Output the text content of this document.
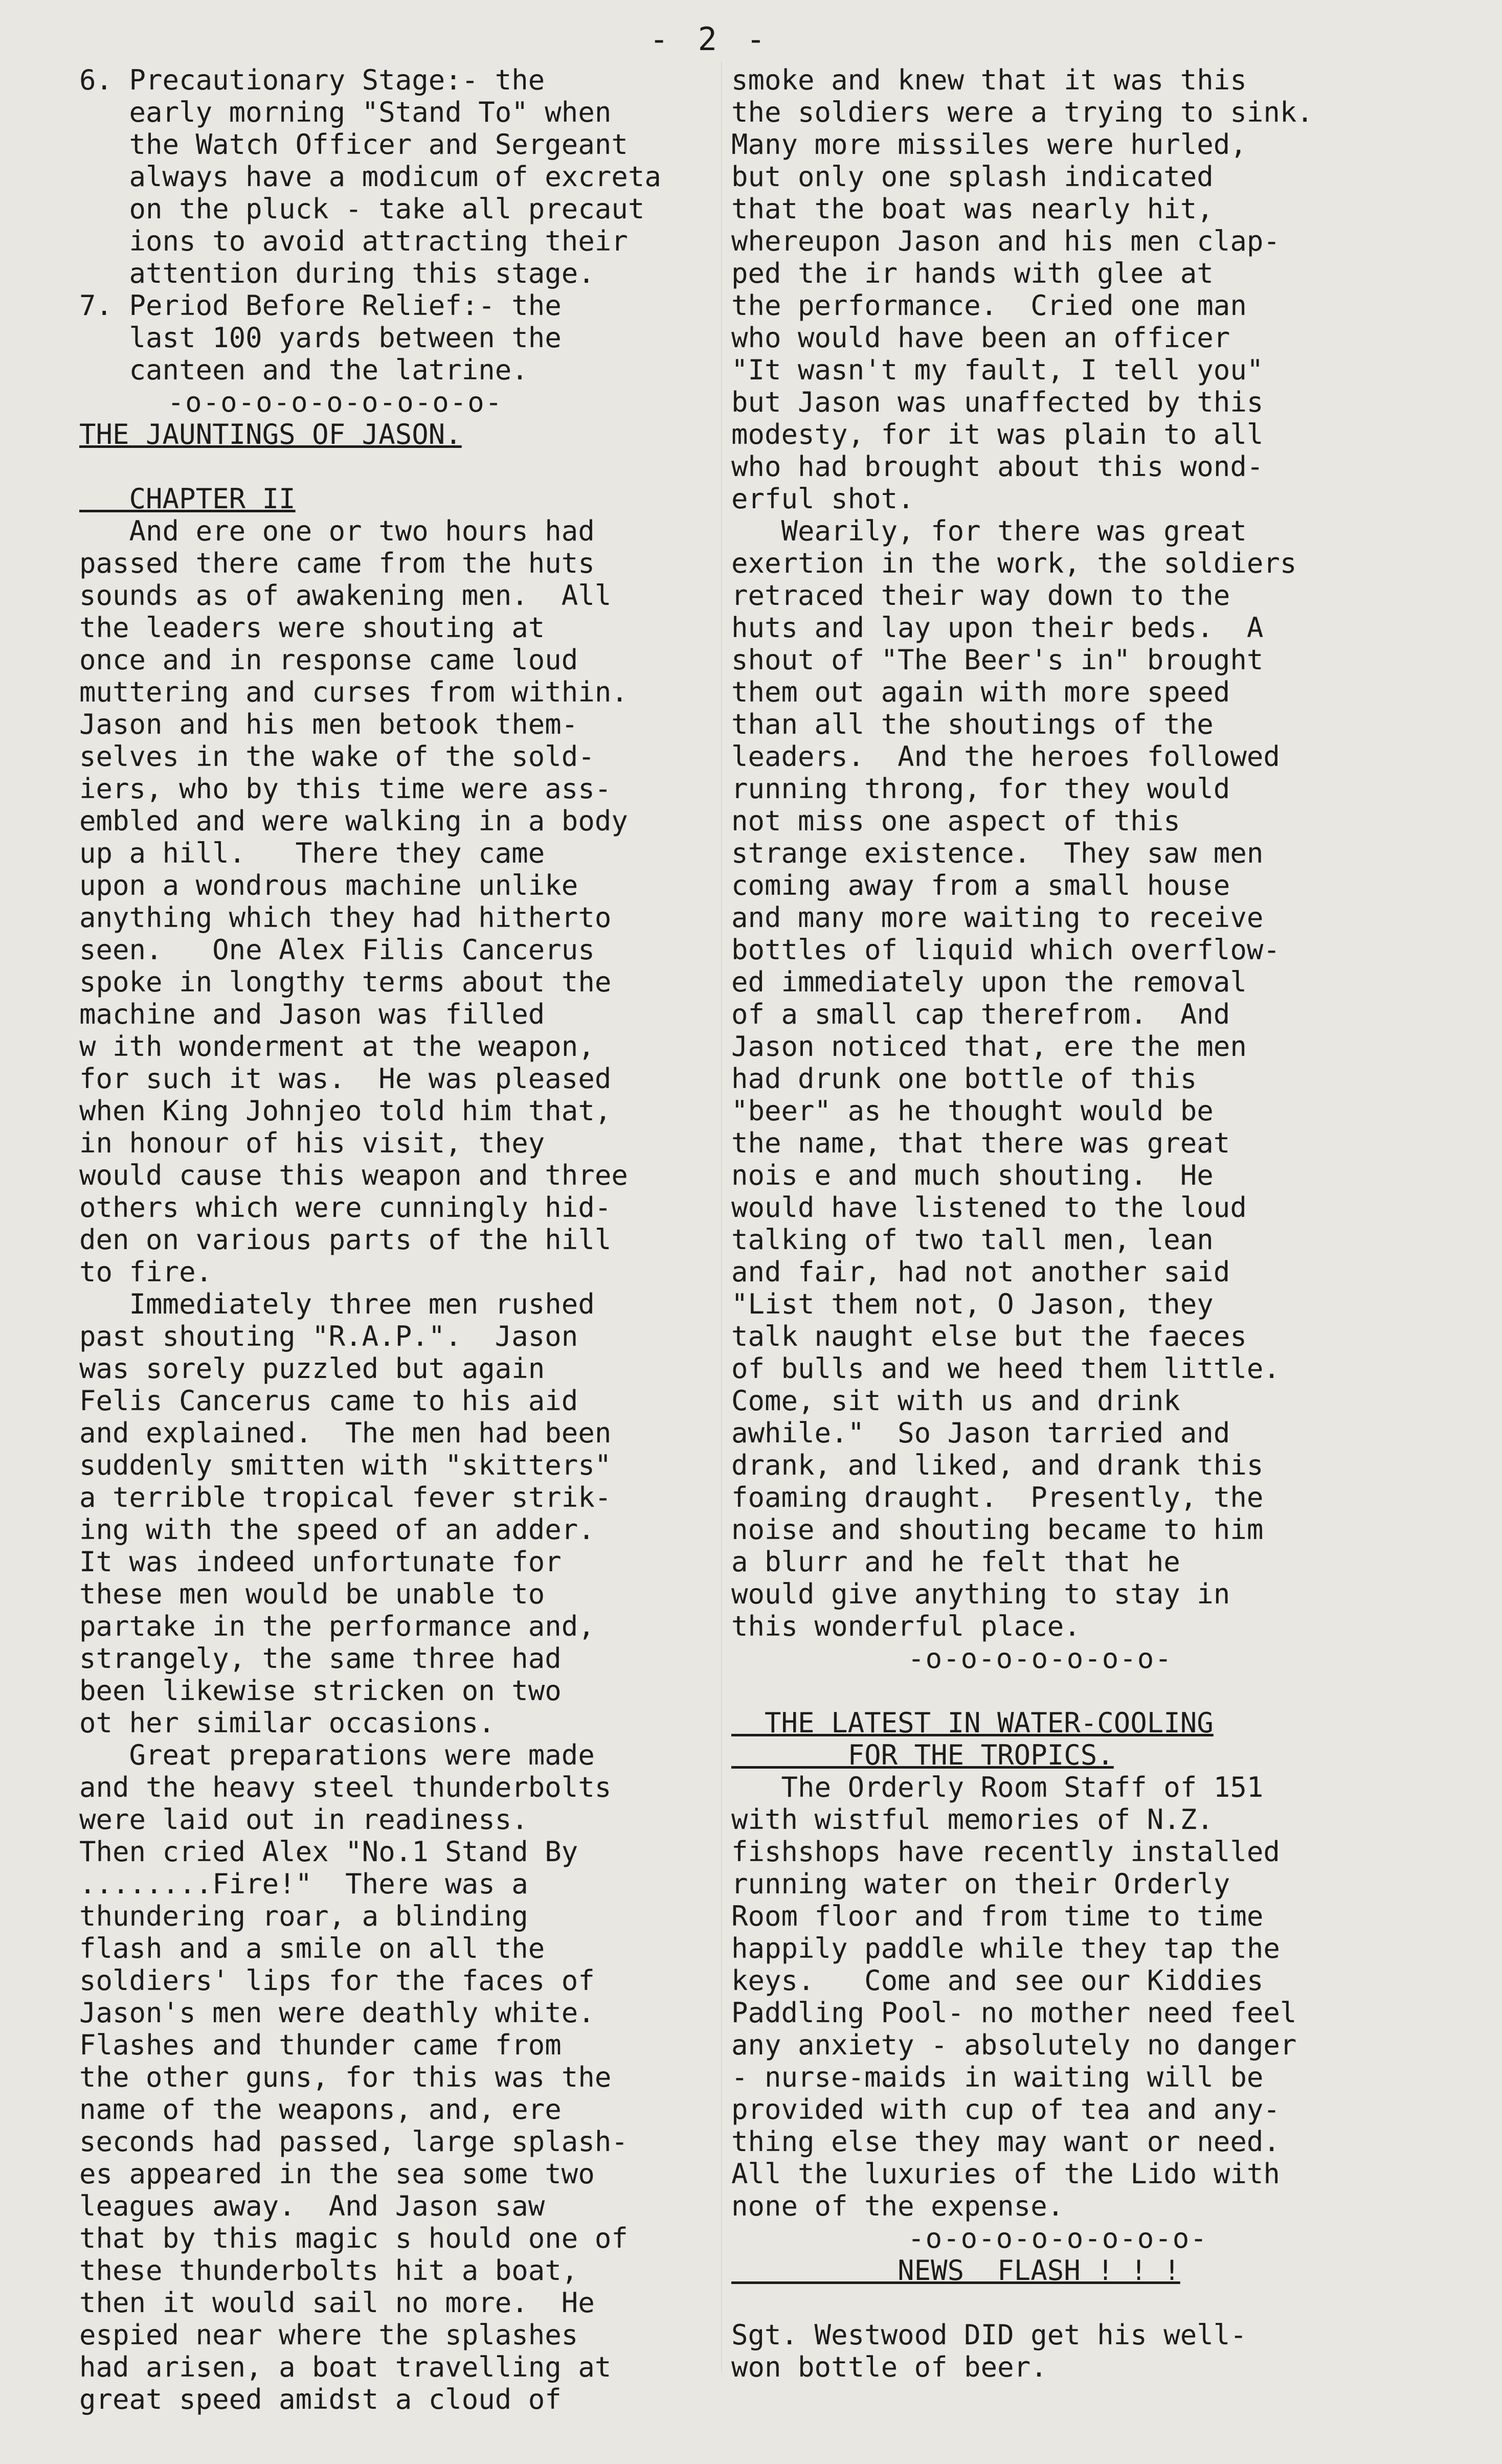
- 2 -
6. Precautionary Stage:- the
early morning "Stand To" when
the Watch Officer and Sergeant
always have a modicum of excreta
on the pluck - take all precaut
ions to avoid attracting their
attention during this stage.
7. Period Before Relief:- the
last 100 yards between the
canteen and the latrine.
-o-o-o-o-o-o-o-o-o-
THE JAUNTINGS OF JASON.
CHAPTER II
And ere one or two hours had
passed there came from the huts
sounds as of awakening men.  All
the leaders were shouting at
once and in response came loud
muttering and curses from within.
Jason and his men betook them-
selves in the wake of the sold-
iers, who by this time were ass-
embled and were walking in a body
up a hill.   There they came
upon a wondrous machine unlike
anything which they had hitherto
seen.   One Alex Filis Cancerus
spoke in longthy terms about the
machine and Jason was filled
w ith wonderment at the weapon,
for such it was.  He was pleased
when King Johnjeo told him that,
in honour of his visit, they
would cause this weapon and three
others which were cunningly hid-
den on various parts of the hill
to fire.
Immediately three men rushed
past shouting "R.A.P.".  Jason
was sorely puzzled but again
Felis Cancerus came to his aid
and explained.  The men had been
suddenly smitten with "skitters"
a terrible tropical fever strik-
ing with the speed of an adder.
It was indeed unfortunate for
these men would be unable to
partake in the performance and,
strangely, the same three had
been likewise stricken on two
ot her similar occasions.
Great preparations were made
and the heavy steel thunderbolts
were laid out in readiness.
Then cried Alex "No.1 Stand By
........Fire!"  There was a
thundering roar, a blinding
flash and a smile on all the
soldiers' lips for the faces of
Jason's men were deathly white.
Flashes and thunder came from
the other guns, for this was the
name of the weapons, and, ere
seconds had passed, large splash-
es appeared in the sea some two
leagues away.  And Jason saw
that by this magic s hould one of
these thunderbolts hit a boat,
then it would sail no more.  He
espied near where the splashes
had arisen, a boat travelling at
great speed amidst a cloud of
smoke and knew that it was this
the soldiers were a trying to sink.
Many more missiles were hurled,
but only one splash indicated
that the boat was nearly hit,
whereupon Jason and his men clap-
ped the ir hands with glee at
the performance.  Cried one man
who would have been an officer
"It wasn't my fault, I tell you"
but Jason was unaffected by this
modesty, for it was plain to all
who had brought about this wond-
erful shot.
Wearily, for there was great
exertion in the work, the soldiers
retraced their way down to the
huts and lay upon their beds.  A
shout of "The Beer's in" brought
them out again with more speed
than all the shoutings of the
leaders.  And the heroes followed
running throng, for they would
not miss one aspect of this
strange existence.  They saw men
coming away from a small house
and many more waiting to receive
bottles of liquid which overflow-
ed immediately upon the removal
of a small cap therefrom.  And
Jason noticed that, ere the men
had drunk one bottle of this
"beer" as he thought would be
the name, that there was great
nois e and much shouting.  He
would have listened to the loud
talking of two tall men, lean
and fair, had not another said
"List them not, O Jason, they
talk naught else but the faeces
of bulls and we heed them little.
Come, sit with us and drink
awhile."  So Jason tarried and
drank, and liked, and drank this
foaming draught.  Presently, the
noise and shouting became to him
a blurr and he felt that he
would give anything to stay in
this wonderful place.
-o-o-o-o-o-o-o-
THE LATEST IN WATER-COOLING
FOR THE TROPICS.
The Orderly Room Staff of 151
with wistful memories of N.Z.
fishshops have recently installed
running water on their Orderly
Room floor and from time to time
happily paddle while they tap the
keys.   Come and see our Kiddies
Paddling Pool- no mother need feel
any anxiety - absolutely no danger
- nurse-maids in waiting will be
provided with cup of tea and any-
thing else they may want or need.
All the luxuries of the Lido with
none of the expense.
-o-o-o-o-o-o-o-o-
NEWS  FLASH ! ! !
Sgt. Westwood DID get his well-
won bottle of beer.
